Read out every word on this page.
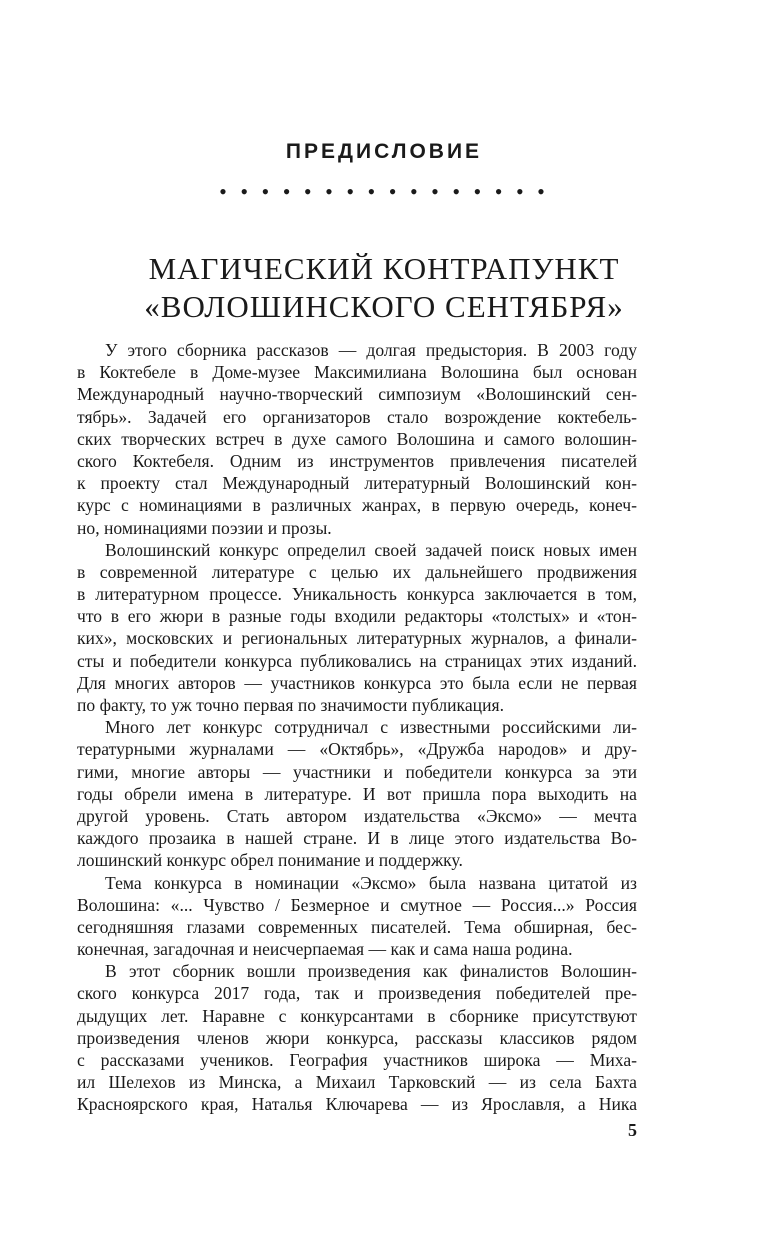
ПРЕДИСЛОВИЕ
• • • • • • • • • • • • • • • •
МАГИЧЕСКИЙ КОНТРАПУНКТ
«ВОЛОШИНСКОГО СЕНТЯБРЯ»
У этого сборника рассказов — долгая предыстория. В 2003 году
в Коктебеле в Доме-музее Максимилиана Волошина был основан
Международный научно-творческий симпозиум «Волошинский сен-
тябрь». Задачей его организаторов стало возрождение коктебель-
ских творческих встреч в духе самого Волошина и самого волошин-
ского Коктебеля. Одним из инструментов привлечения писателей
к проекту стал Международный литературный Волошинский кон-
курс с номинациями в различных жанрах, в первую очередь, конеч-
но, номинациями поэзии и прозы.
Волошинский конкурс определил своей задачей поиск новых имен
в современной литературе с целью их дальнейшего продвижения
в литературном процессе. Уникальность конкурса заключается в том,
что в его жюри в разные годы входили редакторы «толстых» и «тон-
ких», московских и региональных литературных журналов, а финали-
сты и победители конкурса публиковались на страницах этих изданий.
Для многих авторов — участников конкурса это была если не первая
по факту, то уж точно первая по значимости публикация.
Много лет конкурс сотрудничал с известными российскими ли-
тературными журналами — «Октябрь», «Дружба народов» и дру-
гими, многие авторы — участники и победители конкурса за эти
годы обрели имена в литературе. И вот пришла пора выходить на
другой уровень. Стать автором издательства «Эксмо» — мечта
каждого прозаика в нашей стране. И в лице этого издательства Во-
лошинский конкурс обрел понимание и поддержку.
Тема конкурса в номинации «Эксмо» была названа цитатой из
Волошина: «... Чувство / Безмерное и смутное — Россия...» Россия
сегодняшняя глазами современных писателей. Тема обширная, бес-
конечная, загадочная и неисчерпаемая — как и сама наша родина.
В этот сборник вошли произведения как финалистов Волошин-
ского конкурса 2017 года, так и произведения победителей пре-
дыдущих лет. Наравне с конкурсантами в сборнике присутствуют
произведения членов жюри конкурса, рассказы классиков рядом
с рассказами учеников. География участников широка — Миха-
ил Шелехов из Минска, а Михаил Тарковский — из села Бахта
Красноярского края, Наталья Ключарева — из Ярославля, а Ника
5
